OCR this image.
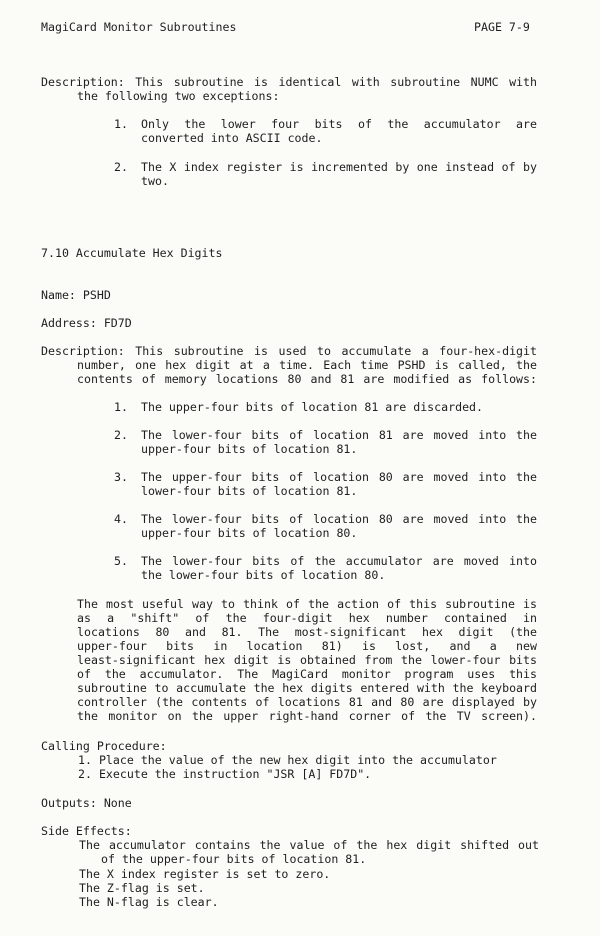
MagiCard Monitor Subroutines	PAGE 7-9
Description: This subroutine is identical with subroutine NUMC with
the following two exceptions:
1. Only the lower four bits of the accumulator are
converted into ASCII code.
2. The X index register is incremented by one instead of by
two.
7.10 Accumulate Hex Digits
Name: PSHD
Address: FD7D
Description: This subroutine is used to accumulate a four-hex-digit
number, one hex digit at a time. Each time PSHD is called, the
contents of memory locations 80 and 81 are modified as follows:
1. The upper-four bits of location 81 are discarded.
2. The lower-four bits of location 81 are moved into the
upper-four bits of location 81.
3. The upper-four bits of location 80 are moved into the
lower-four bits of location 81.
4. The lower-four bits of location 80 are moved into the
upper-four bits of location 80.
5. The lower-four bits of the accumulator are moved into
the lower-four bits of location 80.
The most useful way to think of the action of this subroutine is
as a "shift" of the four-digit hex number contained in
locations 80 and 81. The most-significant hex digit (the
upper-four bits in location 81) is lost, and a new
least-significant hex digit is obtained from the lower-four bits
of the accumulator. The MagiCard monitor program uses this
subroutine to accumulate the hex digits entered with the keyboard
controller (the contents of locations 81 and 80 are displayed by
the monitor on the upper right-hand corner of the TV screen).
Calling Procedure:
1. Place the value of the new hex digit into the accumulator
2. Execute the instruction "JSR [A] FD7D".
Outputs: None
Side Effects:
The accumulator contains the value of the hex digit shifted out
of the upper-four bits of location 81.
The X index register is set to zero.
The Z-flag is set.
The N-flag is clear.
